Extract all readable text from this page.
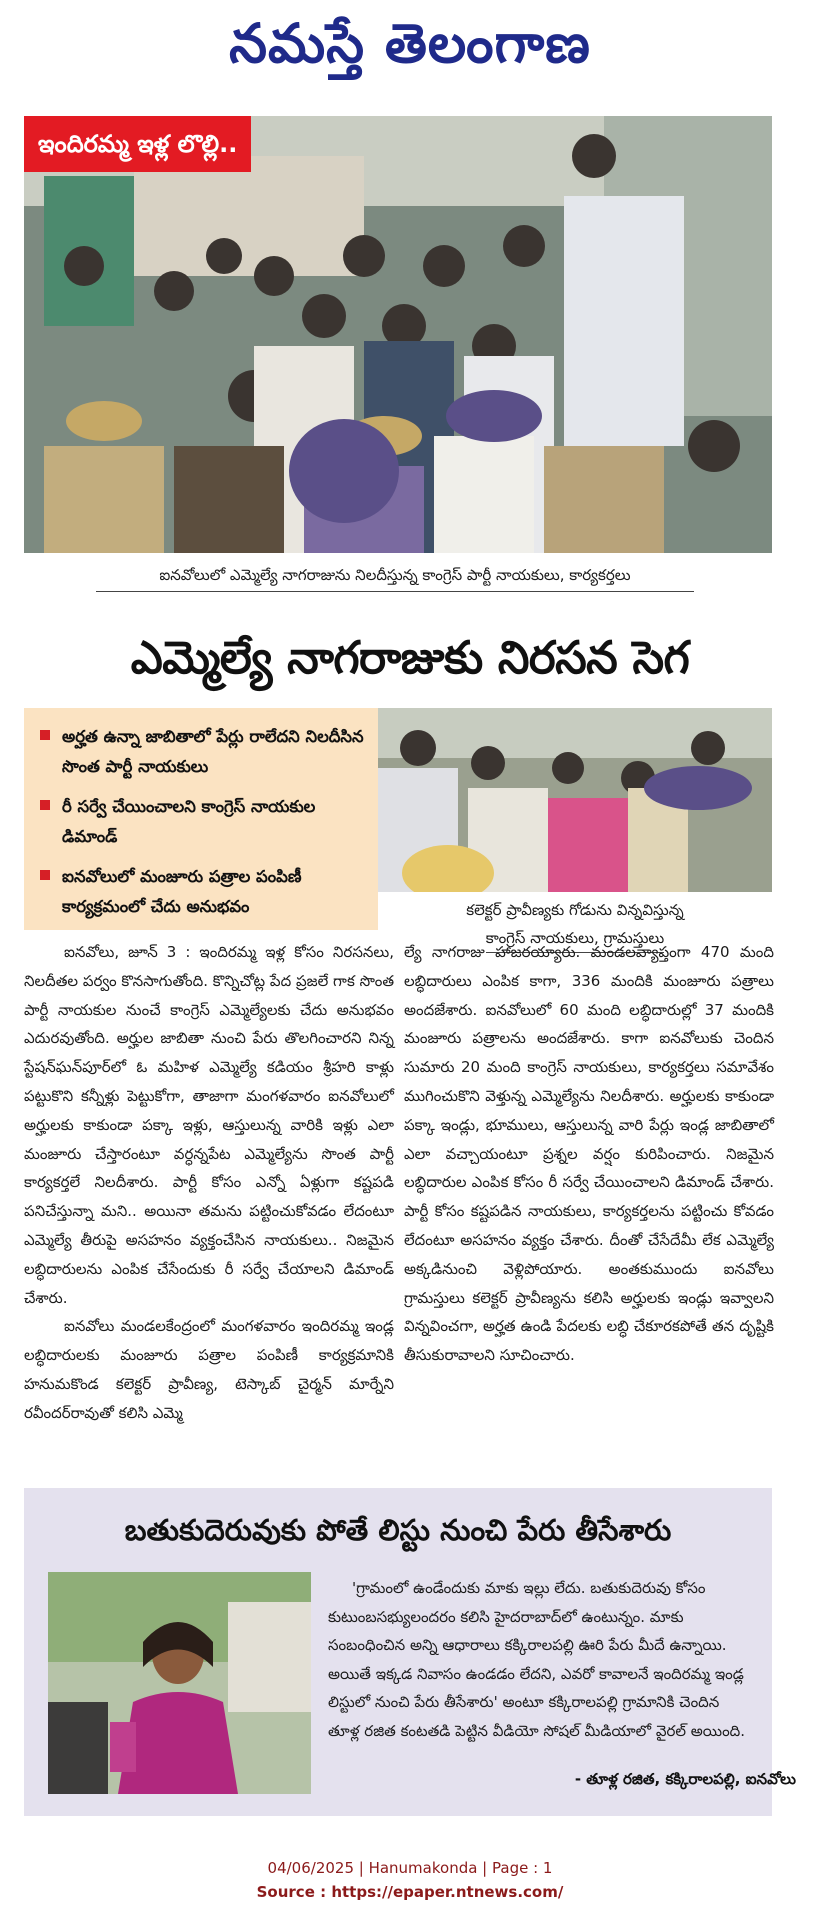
నమస్తే తెలంగాణ
ఇందిరమ్మ ఇళ్ల లొల్లి..
ఐనవోలులో ఎమ్మెల్యే నాగరాజును నిలదీస్తున్న కాంగ్రెస్ పార్టీ నాయకులు, కార్యకర్తలు
ఎమ్మెల్యే నాగరాజుకు నిరసన సెగ
అర్హత ఉన్నా జాబితాలో పేర్లు రాలేదని నిలదీసిన సొంత పార్టీ నాయకులు
రీ సర్వే చేయించాలని కాంగ్రెస్ నాయకుల డిమాండ్
ఐనవోలులో మంజూరు పత్రాల పంపిణీ కార్యక్రమంలో చేదు అనుభవం	కలెక్టర్ ప్రావీణ్యకు గోడును విన్నవిస్తున్న
కాంగ్రెస్ నాయకులు, గ్రామస్తులు

ఐనవోలు, జూన్ 3 : ఇందిరమ్మ ఇళ్ల కోసం నిరసనలు, నిలదీతల పర్వం కొనసాగుతోంది. కొన్నిచోట్ల పేద ప్రజలే గాక సొంత పార్టీ నాయకుల నుంచే కాంగ్రెస్ ఎమ్మెల్యేలకు చేదు అనుభవం ఎదురవుతోంది. అర్హుల జాబితా నుంచి పేరు తొలగించారని నిన్న స్టేషన్‌ఘన్‌పూర్‌లో ఓ మహిళ ఎమ్మెల్యే కడియం శ్రీహరి కాళ్లు పట్టుకొని కన్నీళ్లు పెట్టుకోగా, తాజాగా మంగళవారం ఐనవోలులో అర్హులకు కాకుండా పక్కా ఇళ్లు, ఆస్తులున్న వారికి ఇళ్లు ఎలా మంజూరు చేస్తారంటూ వర్ధన్నపేట ఎమ్మెల్యేను సొంత పార్టీ కార్యకర్తలే నిలదీశారు. పార్టీ కోసం ఎన్నో ఏళ్లుగా కష్టపడి పనిచేస్తున్నా మని.. అయినా తమను పట్టించుకోవడం లేదంటూ ఎమ్మెల్యే తీరుపై అసహనం వ్యక్తంచేసిన నాయకులు.. నిజమైన లబ్ధిదారులను ఎంపిక చేసేందుకు రీ సర్వే చేయాలని డిమాండ్ చేశారు.

ఐనవోలు మండలకేంద్రంలో మంగళవారం ఇందిరమ్మ ఇండ్ల లబ్ధిదారులకు మంజూరు పత్రాల పంపిణీ కార్యక్రమానికి హనుమకొండ కలెక్టర్ ప్రావీణ్య, టెస్కాబ్ చైర్మన్ మార్నేని రవీందర్‌రావుతో కలిసి ఎమ్మె

ల్యే నాగరాజు హాజరయ్యారు. మండలవ్యాప్తంగా 470 మంది లబ్ధిదారులు ఎంపిక కాగా, 336 మందికి మంజూరు పత్రాలు అందజేశారు. ఐనవోలులో 60 మంది లబ్ధిదారుల్లో 37 మందికి మంజూరు పత్రాలను అందజేశారు. కాగా ఐనవోలుకు చెందిన సుమారు 20 మంది కాంగ్రెస్ నాయకులు, కార్యకర్తలు సమావేశం ముగించుకొని వెళ్తున్న ఎమ్మెల్యేను నిలదీశారు. అర్హులకు కాకుండా పక్కా ఇండ్లు, భూములు, ఆస్తులున్న వారి పేర్లు ఇండ్ల జాబితాలో ఎలా వచ్చాయంటూ ప్రశ్నల వర్షం కురిపించారు. నిజమైన లబ్ధిదారుల ఎంపిక కోసం రీ సర్వే చేయించాలని డిమాండ్ చేశారు. పార్టీ కోసం కష్టపడిన నాయకులు, కార్యకర్తలను పట్టించు కోవడం లేదంటూ అసహనం వ్యక్తం చేశారు. దీంతో చేసేదేమీ లేక ఎమ్మెల్యే అక్కడినుంచి వెళ్లిపోయారు. అంతకుముందు ఐనవోలు గ్రామస్తులు కలెక్టర్ ప్రావీణ్యను కలిసి అర్హులకు ఇండ్లు ఇవ్వాలని విన్నవించగా, అర్హత ఉండి పేదలకు లబ్ధి చేకూరకపోతే తన దృష్టికి తీసుకురావాలని సూచించారు.

బతుకుదెరువుకు పోతే లిస్టు నుంచి పేరు తీసేశారు

'గ్రామంలో ఉండేందుకు మాకు ఇల్లు లేదు. బతుకుదెరువు కోసం కుటుంబసభ్యులందరం కలిసి హైదరాబాద్‌లో ఉంటున్నం. మాకు సంబంధించిన అన్ని ఆధారాలు కక్కిరాలపల్లి ఊరి పేరు మీదే ఉన్నాయి. అయితే ఇక్కడ నివాసం ఉండడం లేదని, ఎవరో కావాలనే ఇందిరమ్మ ఇండ్ల లిస్టులో నుంచి పేరు తీసేశారు' అంటూ కక్కిరాలపల్లి గ్రామానికి చెందిన తూళ్ల రజిత కంటతడి పెట్టిన వీడియో సోషల్ మీడియాలో వైరల్ అయింది.

- తూళ్ల రజిత, కక్కిరాలపల్లి, ఐనవోలు
04/06/2025 | Hanumakonda | Page : 1
Source : https://epaper.ntnews.com/
